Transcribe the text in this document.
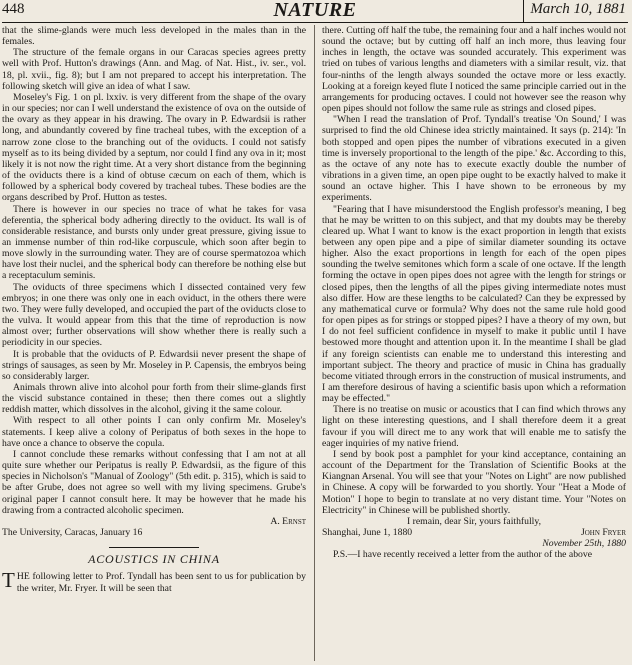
448	NATURE	March 10, 1881

that the slime-glands were much less developed in the males than in the females.

The structure of the female organs in our Caracas species agrees pretty well with Prof. Hutton's drawings (Ann. and Mag. of Nat. Hist., iv. ser., vol. 18, pl. xvii., fig. 8); but I am not prepared to accept his interpretation. The following sketch will give an idea of what I saw.

Moseley's Fig. 1 on pl. lxxiv. is very different from the shape of the ovary in our species; nor can I well understand the existence of ova on the outside of the ovary as they appear in his drawing. The ovary in P. Edwardsii is rather long, and abundantly covered by fine tracheal tubes, with the exception of a narrow zone close to the branching out of the oviducts. I could not satisfy myself as to its being divided by a septum, nor could I find any ova in it; most likely it is not now the right time. At a very short distance from the beginning of the oviducts there is a kind of obtuse cæcum on each of them, which is followed by a spherical body covered by tracheal tubes. These bodies are the organs described by Prof. Hutton as testes.

There is however in our species no trace of what he takes for vasa deferentia, the spherical body adhering directly to the oviduct. Its wall is of considerable resistance, and bursts only under great pressure, giving issue to an immense number of thin rod-like corpuscule, which soon after begin to move slowly in the surrounding water. They are of course spermatozoa which have lost their nuclei, and the spherical body can therefore be nothing else but a receptaculum seminis.

The oviducts of three specimens which I dissected contained very few embryos; in one there was only one in each oviduct, in the others there were two. They were fully developed, and occupied the part of the oviducts close to the vulva. It would appear from this that the time of reproduction is now almost over; further observations will show whether there is really such a periodicity in our species.

It is probable that the oviducts of P. Edwardsii never present the shape of strings of sausages, as seen by Mr. Moseley in P. Capensis, the embryos being so considerably larger.

Animals thrown alive into alcohol pour forth from their slime-glands first the viscid substance contained in these; then there comes out a slightly reddish matter, which dissolves in the alcohol, giving it the same colour.

With respect to all other points I can only confirm Mr. Moseley's statements. I keep alive a colony of Peripatus of both sexes in the hope to have once a chance to observe the copula.

I cannot conclude these remarks without confessing that I am not at all quite sure whether our Peripatus is really P. Edwardsii, as the figure of this species in Nicholson's "Manual of Zoology" (5th edit. p. 315), which is said to be after Grube, does not agree so well with my living specimens. Grube's original paper I cannot consult here. It may be however that he made his drawing from a contracted alcoholic specimen.

A. Ernst

The University, Caracas, January 16

ACOUSTICS IN CHINA

THE following letter to Prof. Tyndall has been sent to us for publication by the writer, Mr. Fryer. It will be seen that

there. Cutting off half the tube, the remaining four and a half inches would not sound the octave; but by cutting off half an inch more, thus leaving four inches in length, the octave was sounded accurately. This experiment was tried on tubes of various lengths and diameters with a similar result, viz. that four-ninths of the length always sounded the octave more or less exactly. Looking at a foreign keyed flute I noticed the same principle carried out in the arrangements for producing octaves. I could not however see the reason why open pipes should not follow the same rule as strings and closed pipes.

"When I read the translation of Prof. Tyndall's treatise 'On Sound,' I was surprised to find the old Chinese idea strictly maintained. It says (p. 214): 'In both stopped and open pipes the number of vibrations executed in a given time is inversely proportional to the length of the pipe.' &c. According to this, as the octave of any note has to execute exactly double the number of vibrations in a given time, an open pipe ought to be exactly halved to make it sound an octave higher. This I have shown to be erroneous by my experiments.

"Fearing that I have misunderstood the English professor's meaning, I beg that he may be written to on this subject, and that my doubts may be thereby cleared up. What I want to know is the exact proportion in length that exists between any open pipe and a pipe of similar diameter sounding its octave higher. Also the exact proportions in length for each of the open pipes sounding the twelve semitones which form a scale of one octave. If the length forming the octave in open pipes does not agree with the length for strings or closed pipes, then the lengths of all the pipes giving intermediate notes must also differ. How are these lengths to be calculated? Can they be expressed by any mathematical curve or formula? Why does not the same rule hold good for open pipes as for strings or stopped pipes? I have a theory of my own, but I do not feel sufficient confidence in myself to make it public until I have bestowed more thought and attention upon it. In the meantime I shall be glad if any foreign scientists can enable me to understand this interesting and important subject. The theory and practice of music in China has gradually become vitiated through errors in the construction of musical instruments, and I am therefore desirous of having a scientific basis upon which a reformation may be effected."

There is no treatise on music or acoustics that I can find which throws any light on these interesting questions, and I shall therefore deem it a great favour if you will direct me to any work that will enable me to satisfy the eager inquiries of my native friend.

I send by book post a pamphlet for your kind acceptance, containing an account of the Department for the Translation of Scientific Books at the Kiangnan Arsenal. You will see that your "Notes on Light" are now published in Chinese. A copy will be forwarded to you shortly. Your "Heat a Mode of Motion" I hope to begin to translate at no very distant time. Your "Notes on Electricity" in Chinese will be published shortly.

I remain, dear Sir, yours faithfully,

Shanghai, June 1, 1880	John Fryer

November 25th, 1880

P.S.—I have recently received a letter from the author of the above
